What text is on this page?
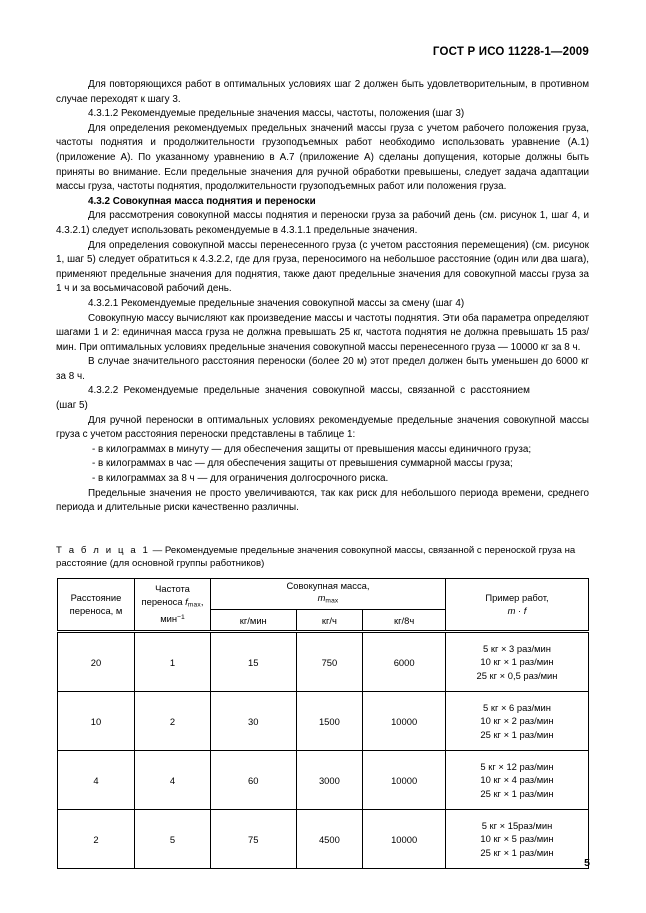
ГОСТ Р ИСО 11228-1—2009

Для повторяющихся работ в оптимальных условиях шаг 2 должен быть удовлетворительным, в противном случае переходят к шагу 3.

4.3.1.2 Рекомендуемые предельные значения массы, частоты, положения (шаг 3)

Для определения рекомендуемых предельных значений массы груза с учетом рабочего положения груза, частоты поднятия и продолжительности грузоподъемных работ необходимо использовать уравнение (А.1) (приложение А). По указанному уравнению в А.7 (приложение А) сделаны допущения, которые должны быть приняты во внимание. Если предельные значения для ручной обработки превышены, следует задача адаптации массы груза, частоты поднятия, продолжительности грузоподъемных работ или положения груза.

4.3.2 Совокупная масса поднятия и переноски

Для рассмотрения совокупной массы поднятия и переноски груза за рабочий день (см. рисунок 1, шаг 4, и 4.3.2.1) следует использовать рекомендуемые в 4.3.1.1 предельные значения.

Для определения совокупной массы перенесенного груза (с учетом расстояния перемещения) (см. рисунок 1, шаг 5) следует обратиться к 4.3.2.2, где для груза, переносимого на небольшое расстояние (один или два шага), применяют предельные значения для поднятия, также дают предельные значения для совокупной массы груза за 1 ч и за восьмичасовой рабочий день.

4.3.2.1 Рекомендуемые предельные значения совокупной массы за смену (шаг 4)

Совокупную массу вычисляют как произведение массы и частоты поднятия. Эти оба параметра определяют шагами 1 и 2: единичная масса груза не должна превышать 25 кг, частота поднятия не должна превышать 15 раз/мин. При оптимальных условиях предельные значения совокупной массы перенесенного груза — 10000 кг за 8 ч.

В случае значительного расстояния переноски (более 20 м) этот предел должен быть уменьшен до 6000 кг за 8 ч.

4.3.2.2 Рекомендуемые предельные значения совокупной массы, связанной с расстоянием

(шаг 5)

Для ручной переноски в оптимальных условиях рекомендуемые предельные значения совокупной массы груза с учетом расстояния переноски представлены в таблице 1:

- в килограммах в минуту — для обеспечения защиты от превышения массы единичного груза;

- в килограммах в час — для обеспечения защиты от превышения суммарной массы груза;

- в килограммах за 8 ч — для ограничения долгосрочного риска.

Предельные значения не просто увеличиваются, так как риск для небольшого периода времени, среднего периода и длительные риски качественно различны.

Т а б л и ц а 1 — Рекомендуемые предельные значения совокупной массы, связанной с переноской груза на расстояние (для основной группы работников)
Расстояние
переноса, м	Частота
переноса $f_{max}$,
мин$^{-1}$	Совокупная масса,
$m_{max}$			Пример работ,
m · f
		кг/мин	кг/ч	кг/8ч	
20	1	15	750	6000	5 кг × 3 раз/мин
10 кг × 1 раз/мин
25 кг × 0,5 раз/мин
10	2	30	1500	10000	5 кг × 6 раз/мин
10 кг × 2 раз/мин
25 кг × 1 раз/мин
4	4	60	3000	10000	5 кг × 12 раз/мин
10 кг × 4 раз/мин
25 кг × 1 раз/мин
2	5	75	4500	10000	5 кг × 15раз/мин
10 кг × 5 раз/мин
25 кг × 1 раз/мин
5
